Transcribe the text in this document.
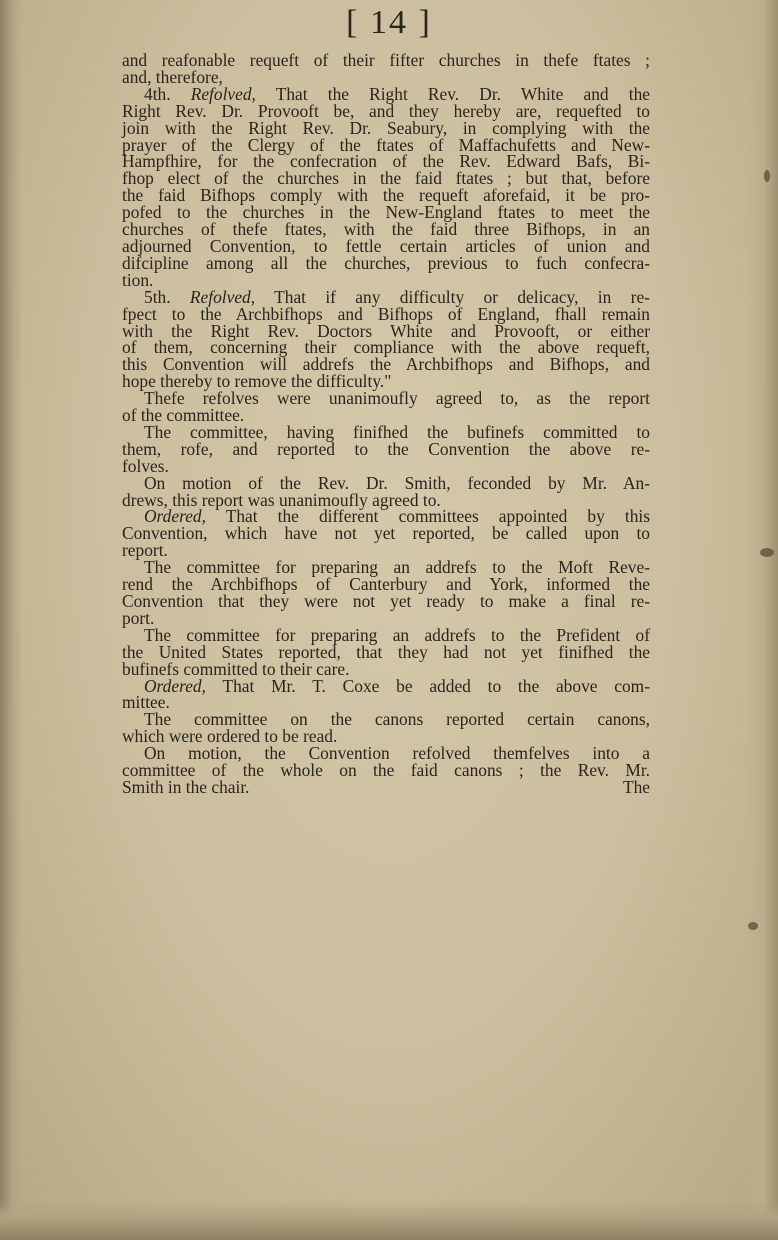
[ 14 ]
and reafonable requeft of their fifter churches in thefe ftates ;
and, therefore,
4th. Refolved, That the Right Rev. Dr. White and the
Right Rev. Dr. Provooft be, and they hereby are, requefted to
join with the Right Rev. Dr. Seabury, in complying with the
prayer of the Clergy of the ftates of Maffachufetts and New-
Hampfhire, for the confecration of the Rev. Edward Bafs, Bi-
fhop elect of the churches in the faid ftates ; but that, before
the faid Bifhops comply with the requeft aforefaid, it be pro-
pofed to the churches in the New-England ftates to meet the
churches of thefe ftates, with the faid three Bifhops, in an
adjourned Convention, to fettle certain articles of union and
difcipline among all the churches, previous to fuch confecra-
tion.
5th. Refolved, That if any difficulty or delicacy, in re-
fpect to the Archbifhops and Bifhops of England, fhall remain
with the Right Rev. Doctors White and Provooft, or either
of them, concerning their compliance with the above requeft,
this Convention will addrefs the Archbifhops and Bifhops, and
hope thereby to remove the difficulty."
Thefe refolves were unanimoufly agreed to, as the report
of the committee.
The committee, having finifhed the bufinefs committed to
them, rofe, and reported to the Convention the above re-
folves.
On motion of the Rev. Dr. Smith, feconded by Mr. An-
drews, this report was unanimoufly agreed to.
Ordered, That the different committees appointed by this
Convention, which have not yet reported, be called upon to
report.
The committee for preparing an addrefs to the Moft Reve-
rend the Archbifhops of Canterbury and York, informed the
Convention that they were not yet ready to make a final re-
port.
The committee for preparing an addrefs to the Prefident of
the United States reported, that they had not yet finifhed the
bufinefs committed to their care.
Ordered, That Mr. T. Coxe be added to the above com-
mittee.
The committee on the canons reported certain canons,
which were ordered to be read.
On motion, the Convention refolved themfelves into a
committee of the whole on the faid canons ; the Rev. Mr.
Smith in the chair.	The
